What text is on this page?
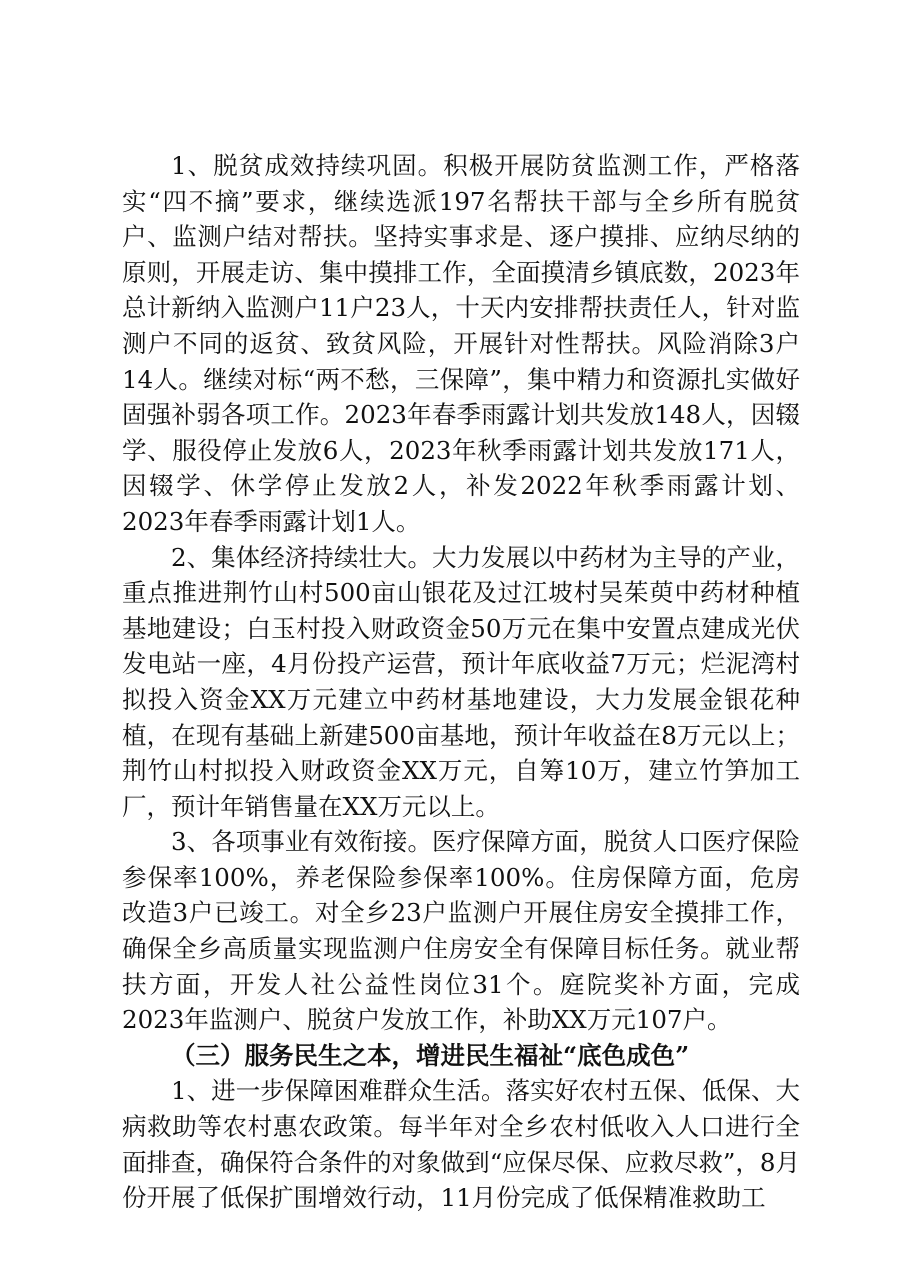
1、脱贫成效持续巩固。积极开展防贫监测工作，严格落实“四不摘”要求，继续选派197名帮扶干部与全乡所有脱贫户、监测户结对帮扶。坚持实事求是、逐户摸排、应纳尽纳的原则，开展走访、集中摸排工作，全面摸清乡镇底数，2023年总计新纳入监测户11户23人，十天内安排帮扶责任人，针对监测户不同的返贫、致贫风险，开展针对性帮扶。风险消除3户14人。继续对标“两不愁，三保障”，集中精力和资源扎实做好固强补弱各项工作。2023年春季雨露计划共发放148人，因辍学、服役停止发放6人，2023年秋季雨露计划共发放171人，因辍学、休学停止发放2人，补发2022年秋季雨露计划、2023年春季雨露计划1人。

2、集体经济持续壮大。大力发展以中药材为主导的产业，重点推进荆竹山村500亩山银花及过江坡村吴茱萸中药材种植基地建设；白玉村投入财政资金50万元在集中安置点建成光伏发电站一座，4月份投产运营，预计年底收益7万元；烂泥湾村拟投入资金XX万元建立中药材基地建设，大力发展金银花种植，在现有基础上新建500亩基地，预计年收益在8万元以上；荆竹山村拟投入财政资金XX万元，自筹10万，建立竹笋加工厂，预计年销售量在XX万元以上。

3、各项事业有效衔接。医疗保障方面，脱贫人口医疗保险参保率100%，养老保险参保率100%。住房保障方面，危房改造3户已竣工。对全乡23户监测户开展住房安全摸排工作，确保全乡高质量实现监测户住房安全有保障目标任务。就业帮扶方面，开发人社公益性岗位31个。庭院奖补方面，完成2023年监测户、脱贫户发放工作，补助XX万元107户。

（三）服务民生之本，增进民生福祉“底色成色”

1、进一步保障困难群众生活。落实好农村五保、低保、大病救助等农村惠农政策。每半年对全乡农村低收入人口进行全面排查，确保符合条件的对象做到“应保尽保、应救尽救”，8月份开展了低保扩围增效行动，11月份完成了低保精准救助工
